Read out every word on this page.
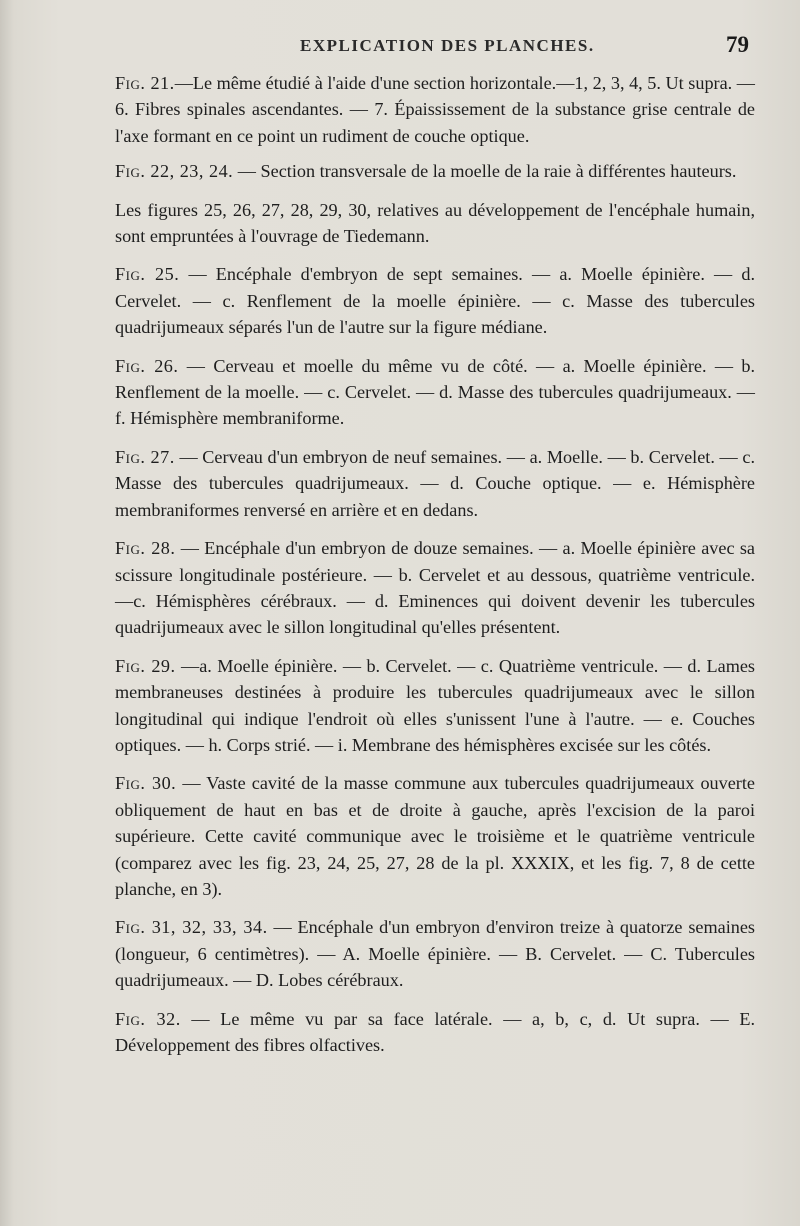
EXPLICATION DES PLANCHES.	79

Fig. 21.—Le même étudié à l'aide d'une section horizontale.—1, 2, 3, 4, 5. Ut supra. — 6. Fibres spinales ascendantes. — 7. Épaississement de la substance grise centrale de l'axe formant en ce point un rudiment de couche optique.

Fig. 22, 23, 24. — Section transversale de la moelle de la raie à différentes hauteurs.

Les figures 25, 26, 27, 28, 29, 30, relatives au développement de l'encéphale humain, sont empruntées à l'ouvrage de Tiedemann.

Fig. 25. — Encéphale d'embryon de sept semaines. — a. Moelle épinière. — d. Cervelet. — c. Renflement de la moelle épinière. — c. Masse des tubercules quadrijumeaux séparés l'un de l'autre sur la figure médiane.

Fig. 26. — Cerveau et moelle du même vu de côté. — a. Moelle épinière. — b. Renflement de la moelle. — c. Cervelet. — d. Masse des tubercules quadrijumeaux. — f. Hémisphère membraniforme.

Fig. 27. — Cerveau d'un embryon de neuf semaines. — a. Moelle. — b. Cervelet. — c. Masse des tubercules quadrijumeaux. — d. Couche optique. — e. Hémisphère membraniformes renversé en arrière et en dedans.

Fig. 28. — Encéphale d'un embryon de douze semaines. — a. Moelle épinière avec sa scissure longitudinale postérieure. — b. Cervelet et au dessous, quatrième ventricule. —c. Hémisphères cérébraux. — d. Eminences qui doivent devenir les tubercules quadrijumeaux avec le sillon longitudinal qu'elles présentent.

Fig. 29. —a. Moelle épinière. — b. Cervelet. — c. Quatrième ventricule. — d. Lames membraneuses destinées à produire les tubercules quadrijumeaux avec le sillon longitudinal qui indique l'endroit où elles s'unissent l'une à l'autre. — e. Couches optiques. — h. Corps strié. — i. Membrane des hémisphères excisée sur les côtés.

Fig. 30. — Vaste cavité de la masse commune aux tubercules quadrijumeaux ouverte obliquement de haut en bas et de droite à gauche, après l'excision de la paroi supérieure. Cette cavité communique avec le troisième et le quatrième ventricule (comparez avec les fig. 23, 24, 25, 27, 28 de la pl. XXXIX, et les fig. 7, 8 de cette planche, en 3).

Fig. 31, 32, 33, 34. — Encéphale d'un embryon d'environ treize à quatorze semaines (longueur, 6 centimètres). — A. Moelle épinière. — B. Cervelet. — C. Tubercules quadrijumeaux. — D. Lobes cérébraux.

Fig. 32. — Le même vu par sa face latérale. — a, b, c, d. Ut supra. — E. Développement des fibres olfactives.
